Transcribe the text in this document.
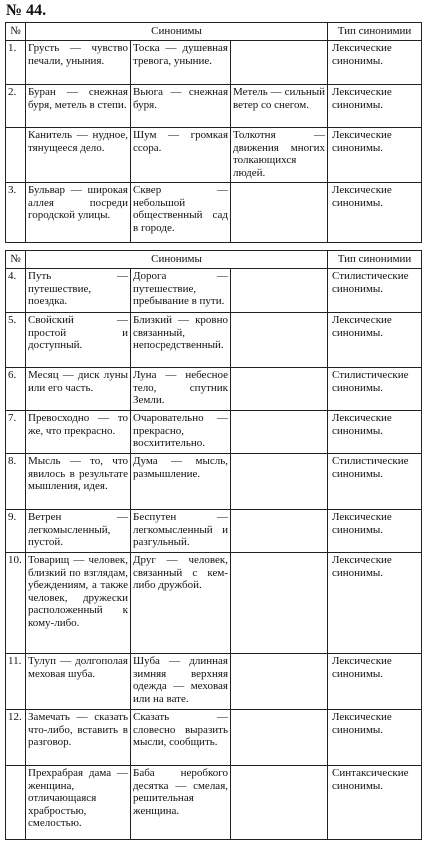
№ 44.
№	Синонимы			Тип синонимии
1.	Грусть — чувство печали, уныния.	Тоска — душевная тревога, уныние.		Лексические синонимы.
2.	Буран — снежная буря, метель в степи.	Вьюга — снежная буря.	Метель — сильный ветер со снегом.	Лексические синонимы.
	Канитель — нудное, тянущееся дело.	Шум — громкая ссора.	Толкотня — движения многих толкающихся людей.	Лексические синонимы.
3.	Бульвар — широкая аллея посреди городской улицы.	Сквер — небольшой общественный сад в городе.		Лексические синонимы.
№	Синонимы			Тип синонимии
4.	Путь — путешествие, поездка.	Дорога — путешествие, пребывание в пути.		Стилистические синонимы.
5.	Свойский — простой и доступный.	Близкий — кровно связанный, непосредственный.		Лексические синонимы.
6.	Месяц — диск луны или его часть.	Луна — небесное тело, спутник Земли.		Стилистические синонимы.
7.	Превосходно — то же, что прекрасно.	Очаровательно — прекрасно, восхитительно.		Лексические синонимы.
8.	Мысль — то, что явилось в результате мышления, идея.	Дума — мысль, размышление.		Стилистические синонимы.
9.	Ветрен — легкомысленный, пустой.	Беспутен — легкомысленный и разгульный.		Лексические синонимы.
10.	Товарищ — человек, близкий по взглядам, убеждениям, а также человек, дружески расположенный к кому-либо.	Друг — человек, связанный с кем-либо дружбой.		Лексические синонимы.
11.	Тулуп — долгополая меховая шуба.	Шуба — длинная зимняя верхняя одежда — меховая или на вате.		Лексические синонимы.
12.	Замечать — сказать что-либо, вставить в разговор.	Сказать — словесно выразить мысли, сообщить.		Лексические синонимы.
	Прехрабрая дама — женщина, отличающаяся храбростью, смелостью.	Баба неробкого десятка — смелая, решительная женщина.		Синтаксические синонимы.
